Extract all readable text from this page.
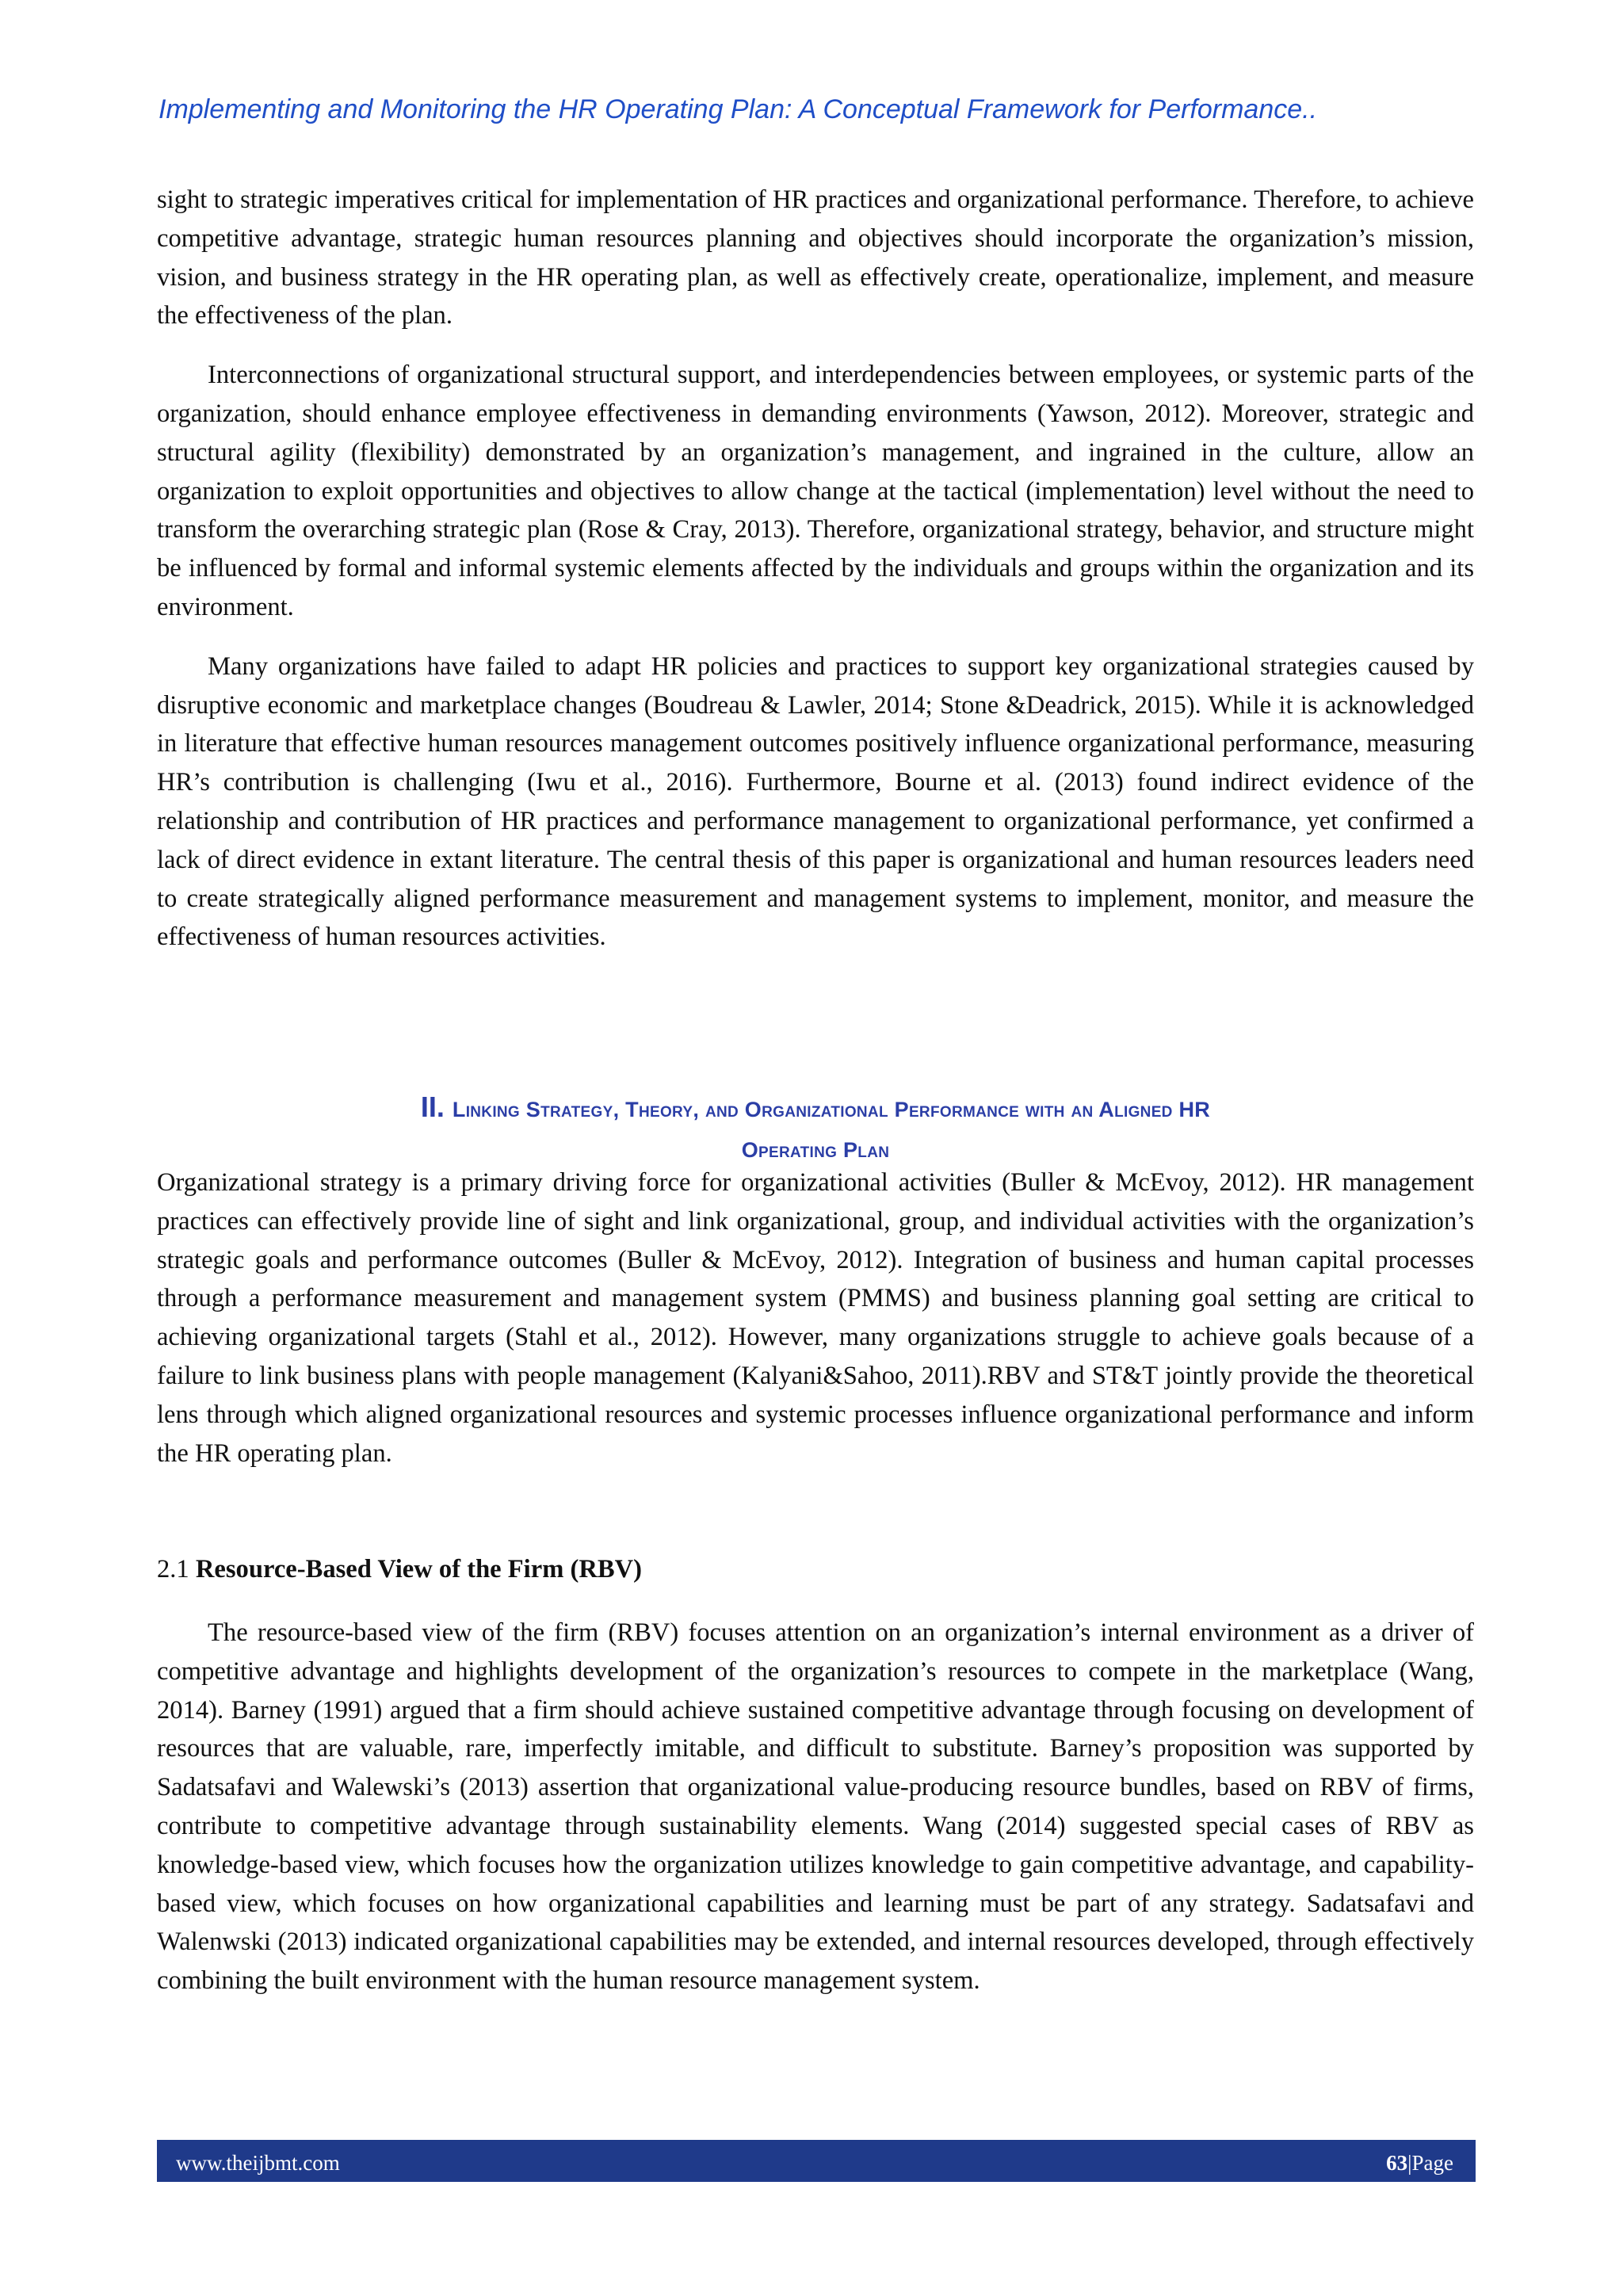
Implementing and Monitoring the HR Operating Plan: A Conceptual Framework for Performance..

sight to strategic imperatives critical for implementation of HR practices and organizational performance. Therefore, to achieve competitive advantage, strategic human resources planning and objectives should incorporate the organization’s mission, vision, and business strategy in the HR operating plan, as well as effectively create, operationalize, implement, and measure the effectiveness of the plan.

Interconnections of organizational structural support, and interdependencies between employees, or systemic parts of the organization, should enhance employee effectiveness in demanding environments (Yawson, 2012). Moreover, strategic and structural agility (flexibility) demonstrated by an organization’s management, and ingrained in the culture, allow an organization to exploit opportunities and objectives to allow change at the tactical (implementation) level without the need to transform the overarching strategic plan (Rose & Cray, 2013). Therefore, organizational strategy, behavior, and structure might be influenced by formal and informal systemic elements affected by the individuals and groups within the organization and its environment.

Many organizations have failed to adapt HR policies and practices to support key organizational strategies caused by disruptive economic and marketplace changes (Boudreau & Lawler, 2014; Stone &Deadrick, 2015). While it is acknowledged in literature that effective human resources management outcomes positively influence organizational performance, measuring HR’s contribution is challenging (Iwu et al., 2016). Furthermore, Bourne et al. (2013) found indirect evidence of the relationship and contribution of HR practices and performance management to organizational performance, yet confirmed a lack of direct evidence in extant literature. The central thesis of this paper is organizational and human resources leaders need to create strategically aligned performance measurement and management systems to implement, monitor, and measure the effectiveness of human resources activities.

II. Linking Strategy, Theory, and Organizational Performance with an Aligned HR
Operating Plan

Organizational strategy is a primary driving force for organizational activities (Buller & McEvoy, 2012). HR management practices can effectively provide line of sight and link organizational, group, and individual activities with the organization’s strategic goals and performance outcomes (Buller & McEvoy, 2012). Integration of business and human capital processes through a performance measurement and management system (PMMS) and business planning goal setting are critical to achieving organizational targets (Stahl et al., 2012). However, many organizations struggle to achieve goals because of a failure to link business plans with people management (Kalyani&Sahoo, 2011).RBV and ST&T jointly provide the theoretical lens through which aligned organizational resources and systemic processes influence organizational performance and inform the HR operating plan.

2.1 Resource-Based View of the Firm (RBV)

The resource-based view of the firm (RBV) focuses attention on an organization’s internal environment as a driver of competitive advantage and highlights development of the organization’s resources to compete in the marketplace (Wang, 2014). Barney (1991) argued that a firm should achieve sustained competitive advantage through focusing on development of resources that are valuable, rare, imperfectly imitable, and difficult to substitute. Barney’s proposition was supported by Sadatsafavi and Walewski’s (2013) assertion that organizational value-producing resource bundles, based on RBV of firms, contribute to competitive advantage through sustainability elements. Wang (2014) suggested special cases of RBV as knowledge-based view, which focuses how the organization utilizes knowledge to gain competitive advantage, and capability-based view, which focuses on how organizational capabilities and learning must be part of any strategy. Sadatsafavi and Walenwski (2013) indicated organizational capabilities may be extended, and internal resources developed, through effectively combining the built environment with the human resource management system.

www.theijbmt.com	63|Page
